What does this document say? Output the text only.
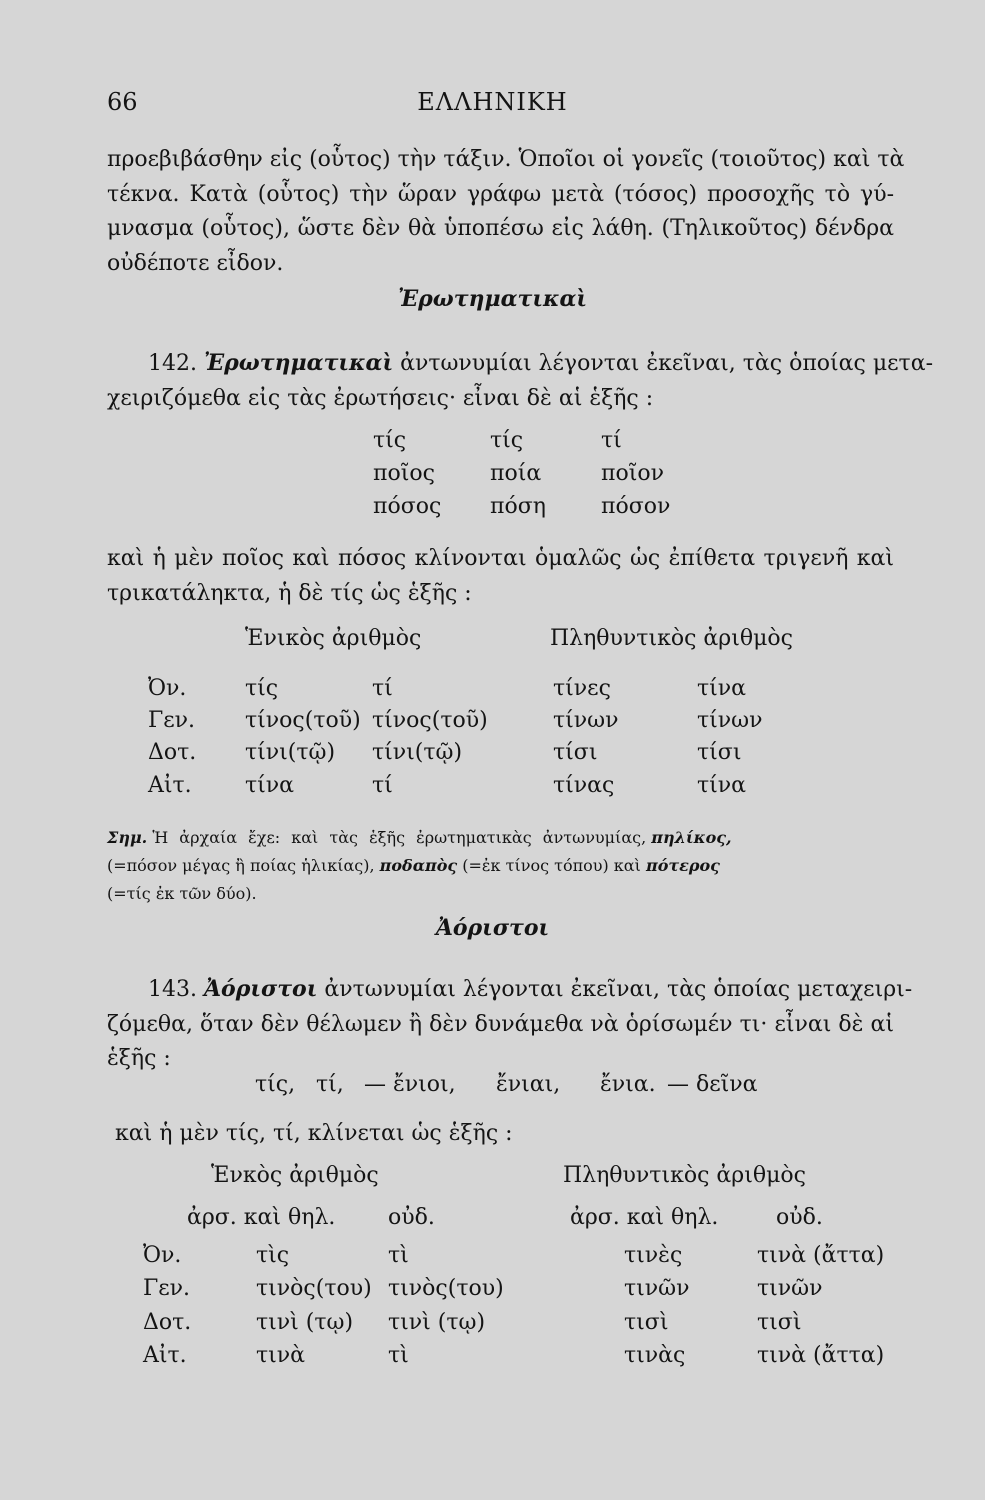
66	ΕΛΛΗΝΙΚΗ
προεβιβάσθην εἰς (οὗτος) τὴν τάξιν. Ὁποῖοι οἱ γονεῖς (τοιοῦτος) καὶ τὰ
τέκνα. Κατὰ (οὗτος) τὴν ὥραν γράφω μετὰ (τόσος) προσοχῆς τὸ γύ-
μνασμα (οὗτος), ὥστε δὲν θὰ ὑποπέσω εἰς λάθη. (Τηλικοῦτος) δένδρα
οὐδέποτε εἶδον.
Ἐρωτηματικαὶ
142. Ἐρωτηματικαὶ ἀντωνυμίαι λέγονται ἐκεῖναι, τὰς ὁποίας μετα-
χειριζόμεθα εἰς τὰς ἐρωτήσεις· εἶναι δὲ αἱ ἑξῆς :
τίς	τίς	τί
ποῖος	ποία	ποῖον
πόσος πόση	πόσον
καὶ ἡ μὲν ποῖος καὶ πόσος κλίνονται ὁμαλῶς ὡς ἐπίθετα τριγενῆ καὶ
τρικατάληκτα, ἡ δὲ τίς ὡς ἑξῆς :
Ἑνικὸς ἀριθμὸς	Πληθυντικὸς ἀριθμὸς
Ὀν.	τίς	τί	τίνες	τίνα
Γεν. τίνος(τοῦ) τίνος(τοῦ)	τίνων	τίνων
Δοτ. τίνι(τῷ) τίνι(τῷ)	τίσι	τίσι
Αἰτ. τίνα	τί	τίνας	τίνα
Σημ. Ἡ ἀρχαία ἔχε: καὶ τὰς ἑξῆς ἐρωτηματικὰς ἀντωνυμίας, πηλίκος,
(=πόσον μέγας ἢ ποίας ἡλικίας), ποδαπὸς (=ἐκ τίνος τόπου) καὶ πότερος
(=τίς ἐκ τῶν δύο).
Ἀόριστοι
143. Ἀόριστοι ἀντωνυμίαι λέγονται ἐκεῖναι, τὰς ὁποίας μεταχειρι-
ζόμεθα, ὅταν δὲν θέλωμεν ἢ δὲν δυνάμεθα νὰ ὁρίσωμέν τι· εἶναι δὲ αἱ
ἑξῆς :
τίς, τί, — ἔνιοι, ἔνιαι, ἔνια. — δεῖνα
καὶ ἡ μὲν τίς, τί, κλίνεται ὡς ἑξῆς :
Ἑνκὸς ἀριθμὸς	Πληθυντικὸς ἀριθμὸς
ἀρσ. καὶ θηλ. οὐδ.	ἀρσ. καὶ θηλ.	οὐδ.
Ὀν.	τὶς	τὶ	τινὲς	τινὰ (ἄττα)
Γεν.	τινὸς(του) τινὸς(του)	τινῶν	τινῶν
Δοτ.	τινὶ (τῳ) τινὶ (τῳ)	τισὶ	τισὶ
Αἰτ.	τινὰ	τὶ	τινὰς	τινὰ (ἄττα)
